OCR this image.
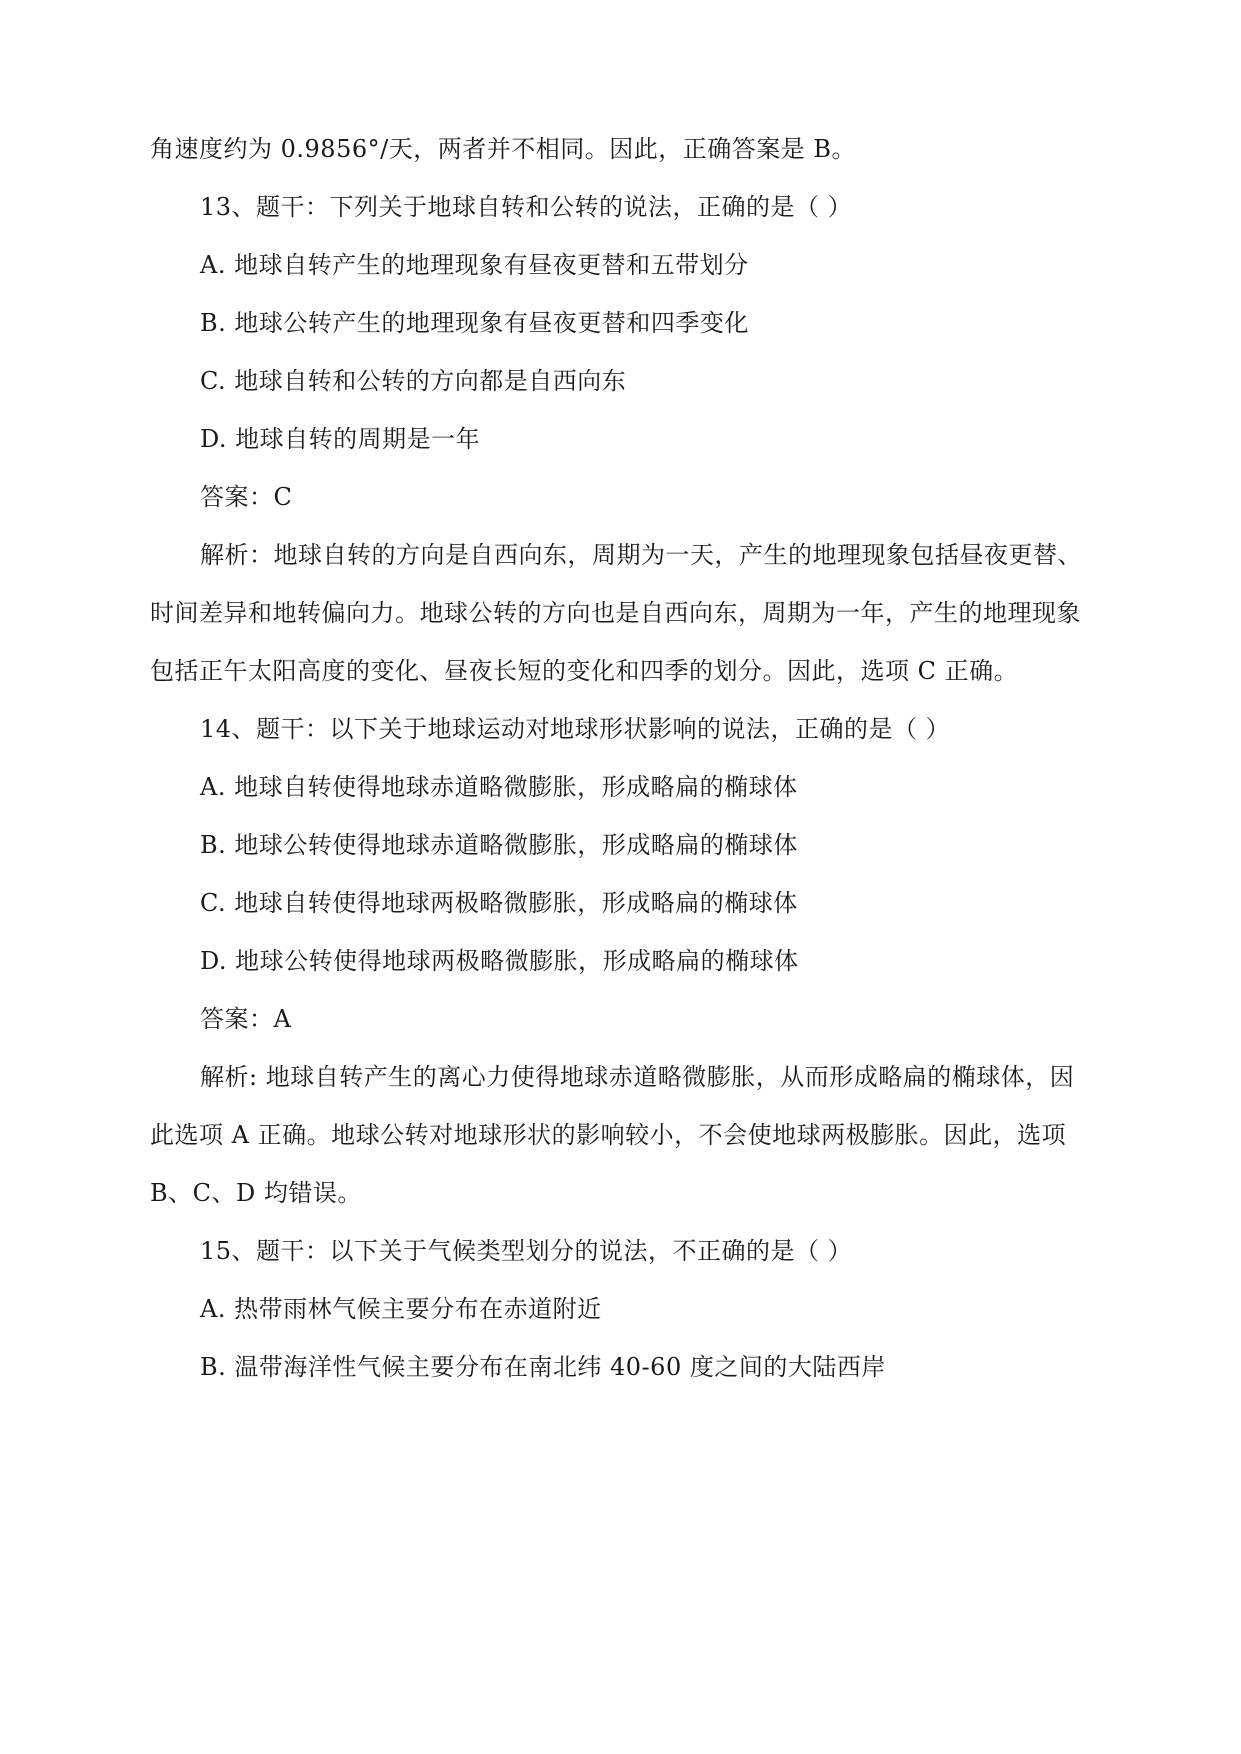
角速度约为 0.9856°/天，两者并不相同。因此，正确答案是 B。
13、题干：下列关于地球自转和公转的说法，正确的是（ ）
A. 地球自转产生的地理现象有昼夜更替和五带划分
B. 地球公转产生的地理现象有昼夜更替和四季变化
C. 地球自转和公转的方向都是自西向东
D. 地球自转的周期是一年
答案：C
解析：地球自转的方向是自西向东，周期为一天，产生的地理现象包括昼夜更替、
时间差异和地转偏向力。地球公转的方向也是自西向东，周期为一年，产生的地理现象
包括正午太阳高度的变化、昼夜长短的变化和四季的划分。因此，选项 C 正确。
14、题干：以下关于地球运动对地球形状影响的说法，正确的是（ ）
A. 地球自转使得地球赤道略微膨胀，形成略扁的椭球体
B. 地球公转使得地球赤道略微膨胀，形成略扁的椭球体
C. 地球自转使得地球两极略微膨胀，形成略扁的椭球体
D. 地球公转使得地球两极略微膨胀，形成略扁的椭球体
答案：A
解析: 地球自转产生的离心力使得地球赤道略微膨胀，从而形成略扁的椭球体，因
此选项 A 正确。地球公转对地球形状的影响较小，不会使地球两极膨胀。因此，选项
B、C、D 均错误。
15、题干：以下关于气候类型划分的说法，不正确的是（ ）
A. 热带雨林气候主要分布在赤道附近
B. 温带海洋性气候主要分布在南北纬 40-60 度之间的大陆西岸
